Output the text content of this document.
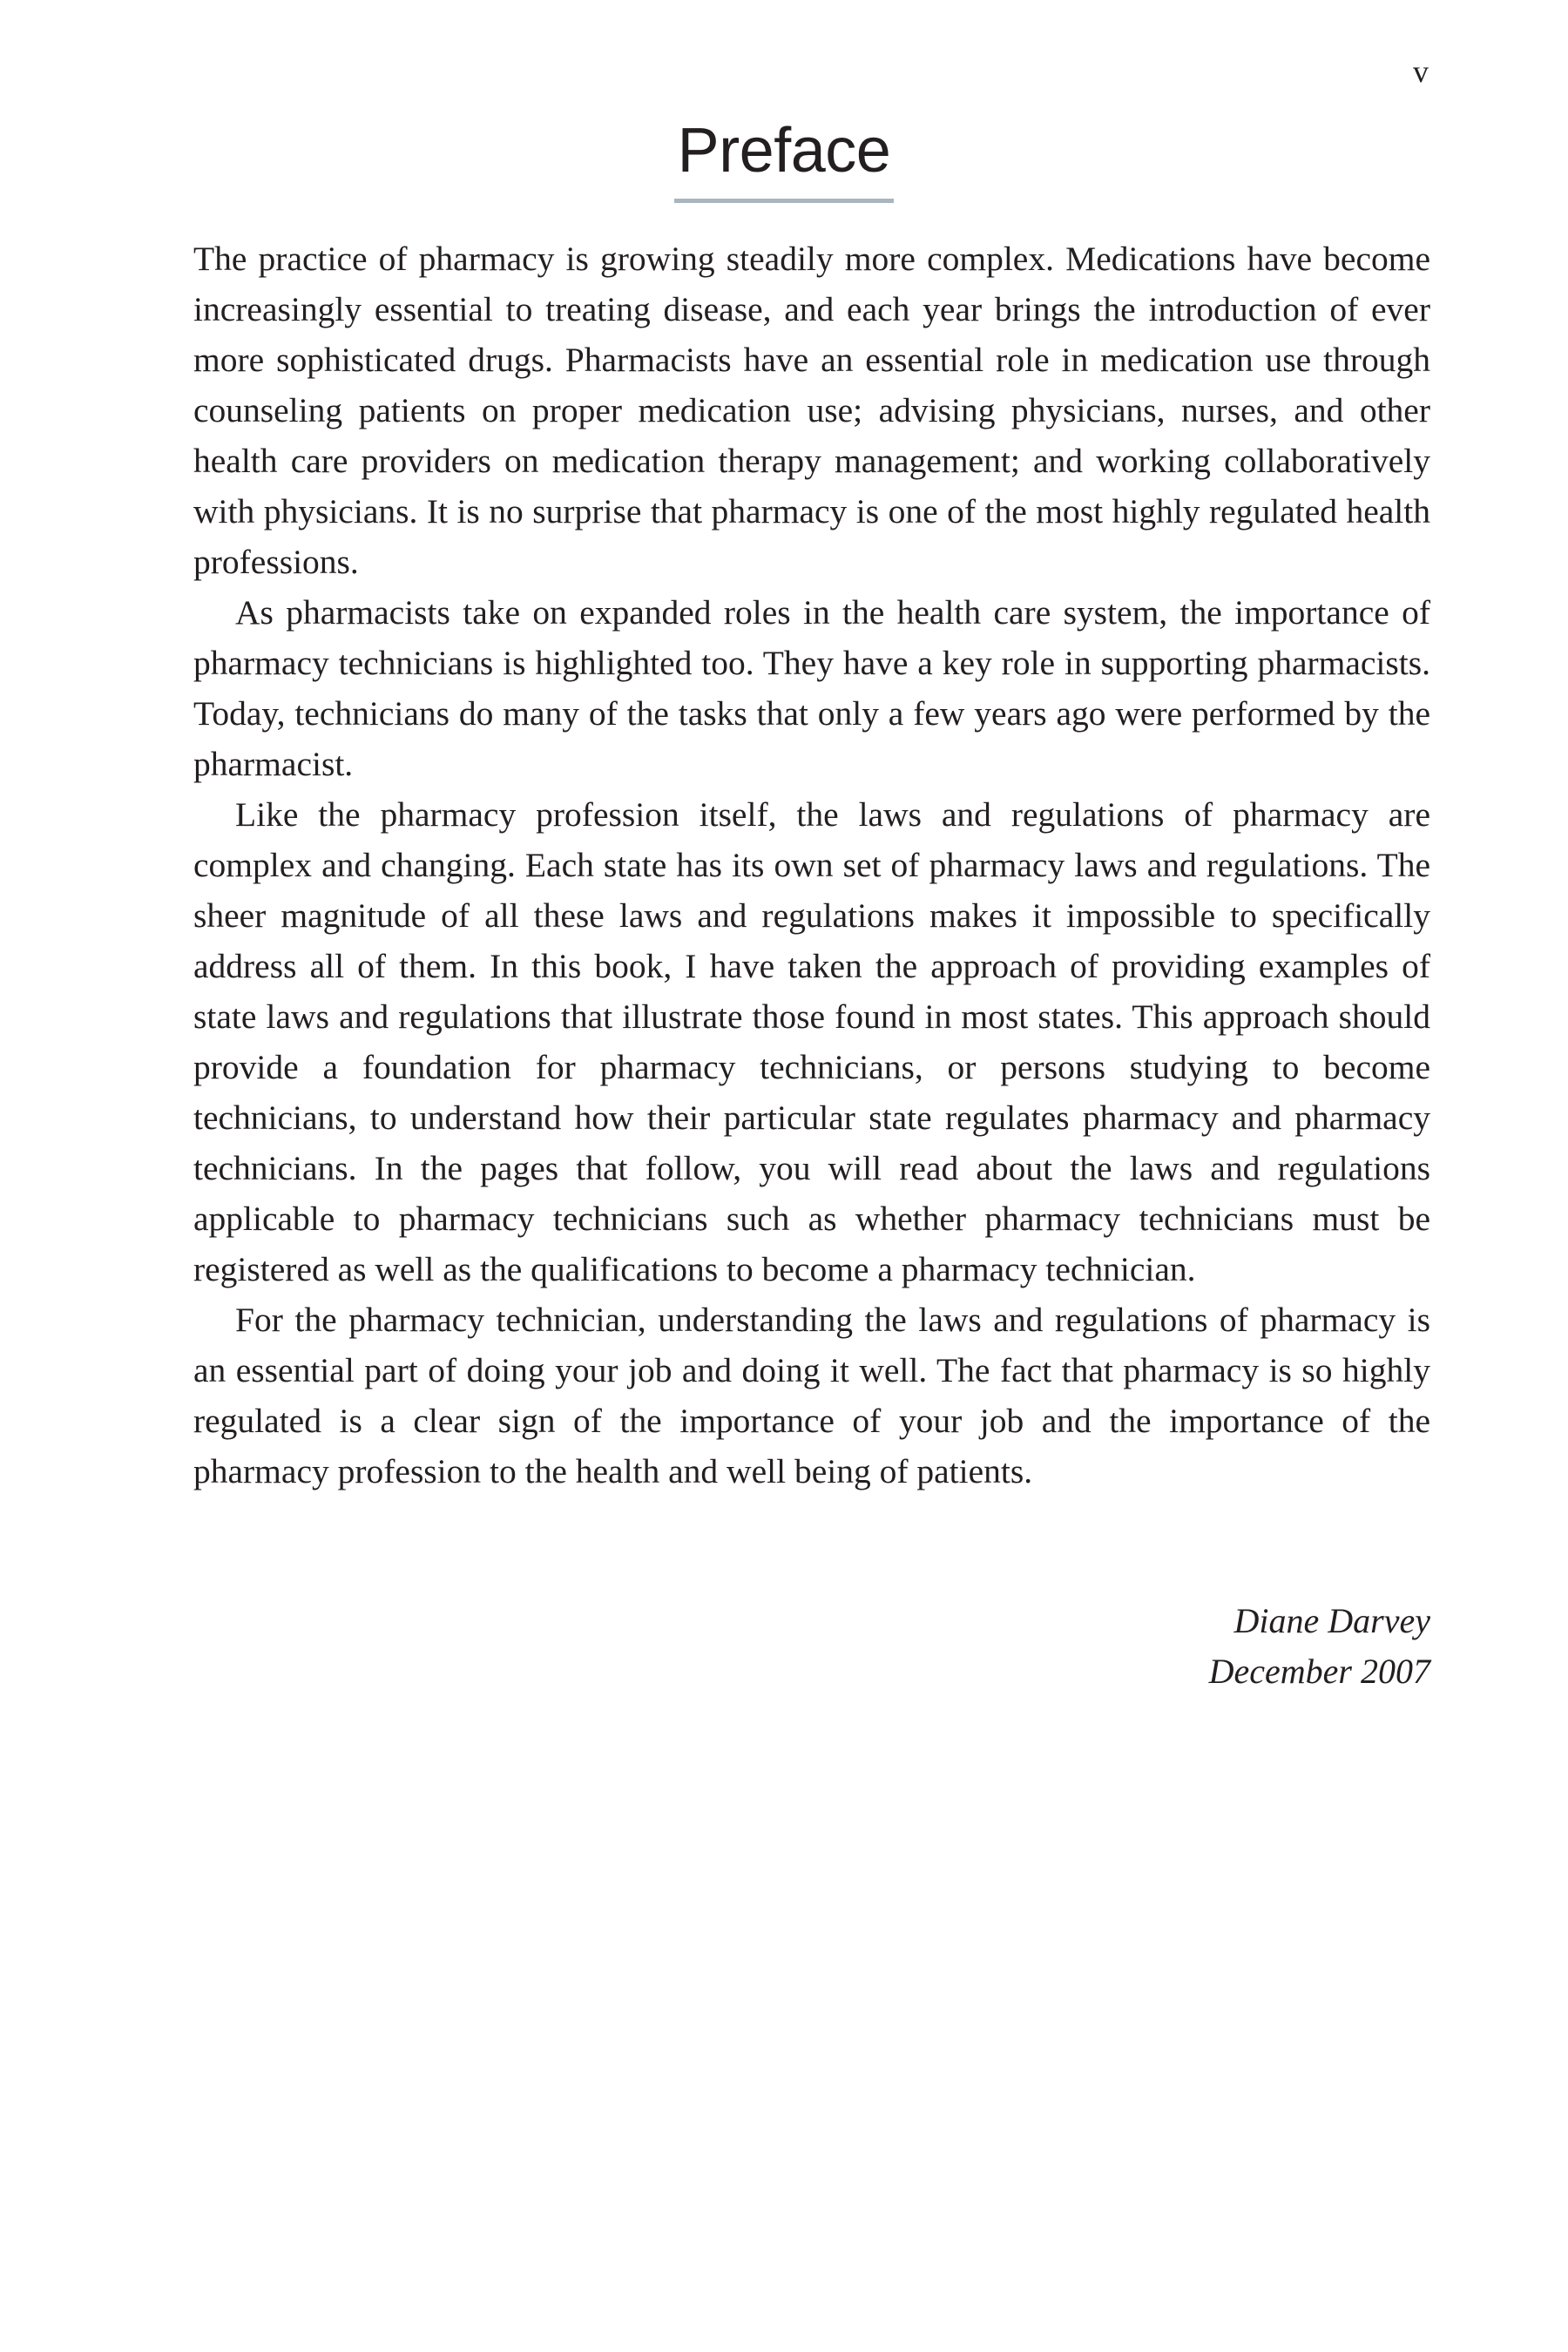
v
Preface

The practice of pharmacy is growing steadily more complex. Medications have become increasingly essential to treating disease, and each year brings the introduction of ever more sophisticated drugs. Pharmacists have an essential role in medication use through counseling patients on proper medication use; advising physicians, nurses, and other health care providers on medication therapy management; and working collaboratively with physicians. It is no surprise that pharmacy is one of the most highly regulated health professions.

As pharmacists take on expanded roles in the health care system, the importance of pharmacy technicians is highlighted too. They have a key role in supporting pharmacists. Today, technicians do many of the tasks that only a few years ago were performed by the pharmacist.

Like the pharmacy profession itself, the laws and regulations of pharmacy are complex and changing. Each state has its own set of pharmacy laws and regulations. The sheer magnitude of all these laws and regulations makes it impossible to specifically address all of them. In this book, I have taken the approach of providing examples of state laws and regulations that illustrate those found in most states. This approach should provide a foundation for pharmacy technicians, or persons studying to become technicians, to understand how their particular state regulates pharmacy and pharmacy technicians. In the pages that follow, you will read about the laws and regulations applicable to pharmacy technicians such as whether pharmacy technicians must be registered as well as the qualifications to become a pharmacy technician.

For the pharmacy technician, understanding the laws and regulations of pharmacy is an essential part of doing your job and doing it well. The fact that pharmacy is so highly regulated is a clear sign of the importance of your job and the importance of the pharmacy profession to the health and well being of patients.

Diane Darvey
December 2007
